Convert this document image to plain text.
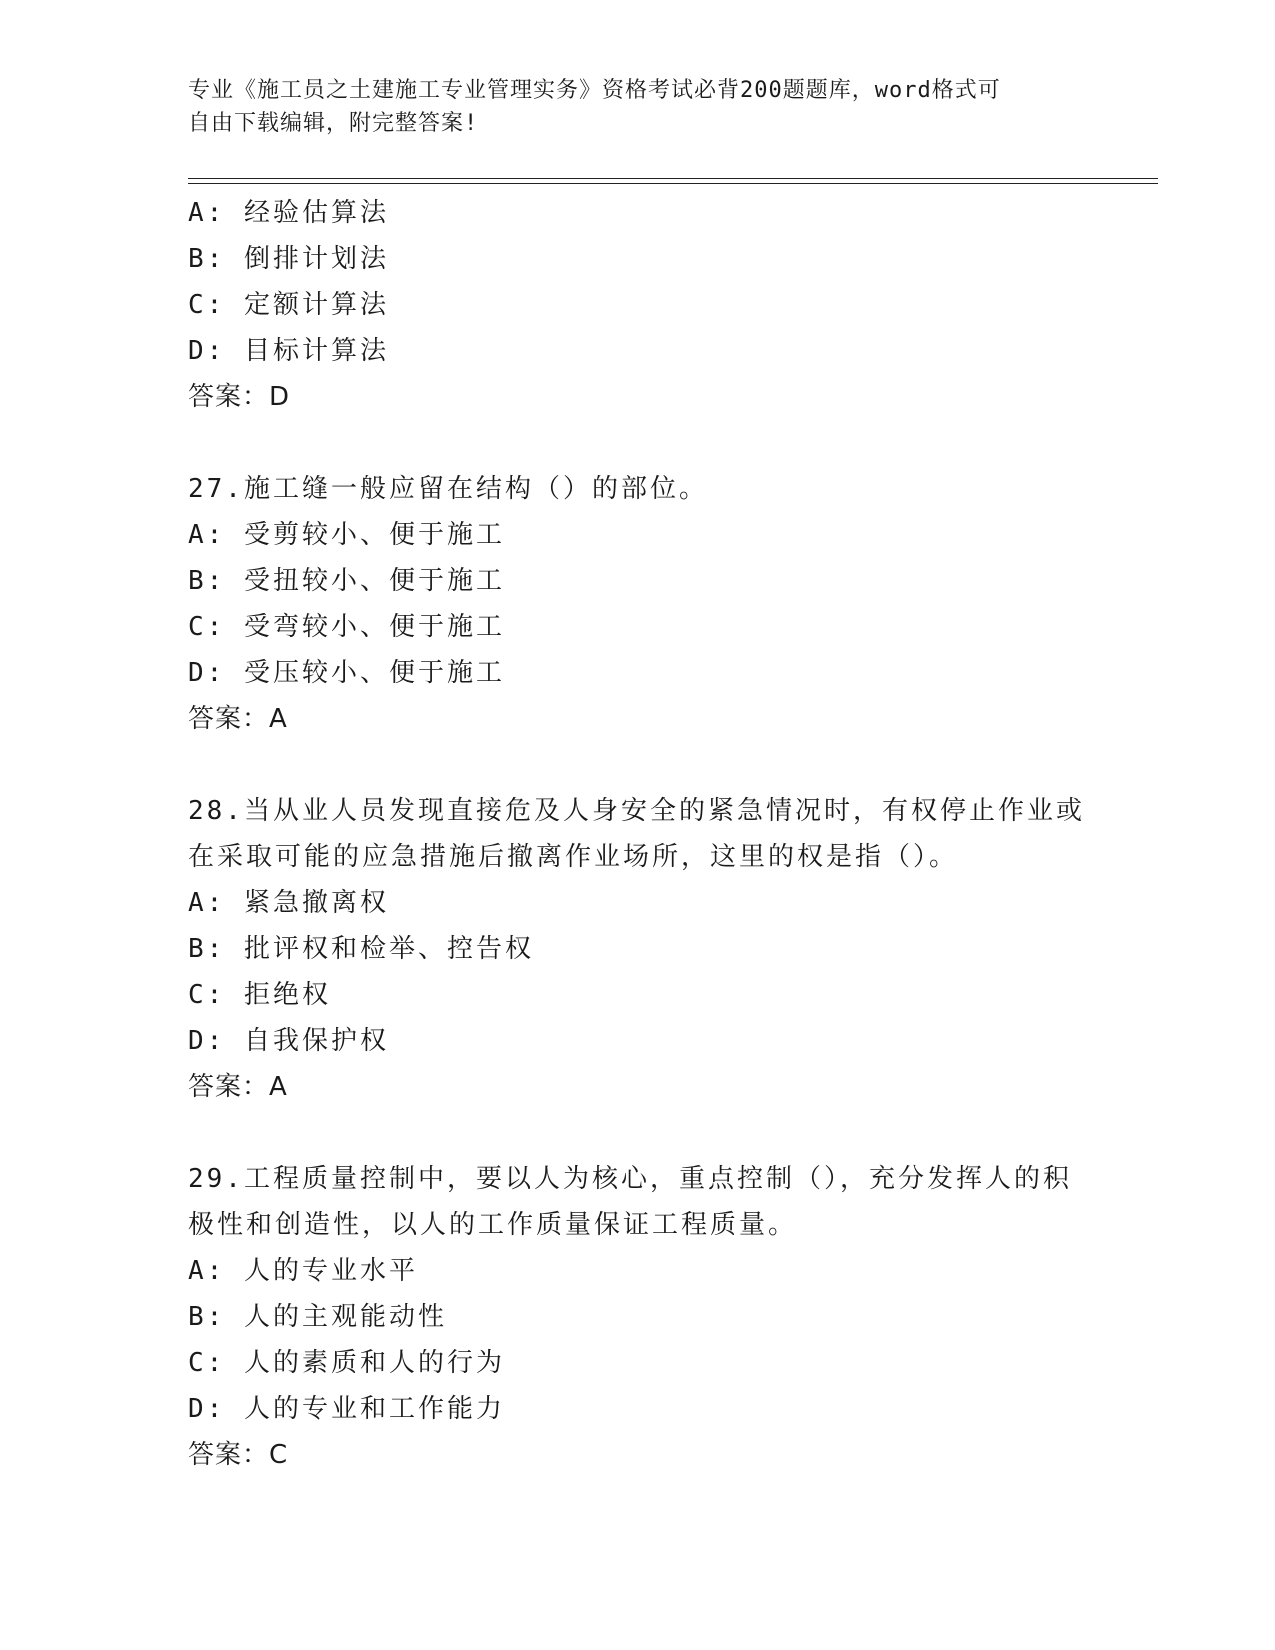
专业《施工员之土建施工专业管理实务》资格考试必背200题题库，word格式可
自由下载编辑，附完整答案!
A: 经验估算法
B: 倒排计划法
C: 定额计算法
D: 目标计算法
答案：D
27.施工缝一般应留在结构（）的部位。
A: 受剪较小、便于施工
B: 受扭较小、便于施工
C: 受弯较小、便于施工
D: 受压较小、便于施工
答案：A
28.当从业人员发现直接危及人身安全的紧急情况时，有权停止作业或
在采取可能的应急措施后撤离作业场所，这里的权是指（）。
A: 紧急撤离权
B: 批评权和检举、控告权
C: 拒绝权
D: 自我保护权
答案：A
29.工程质量控制中，要以人为核心，重点控制（），充分发挥人的积
极性和创造性，以人的工作质量保证工程质量。
A: 人的专业水平
B: 人的主观能动性
C: 人的素质和人的行为
D: 人的专业和工作能力
答案：C
